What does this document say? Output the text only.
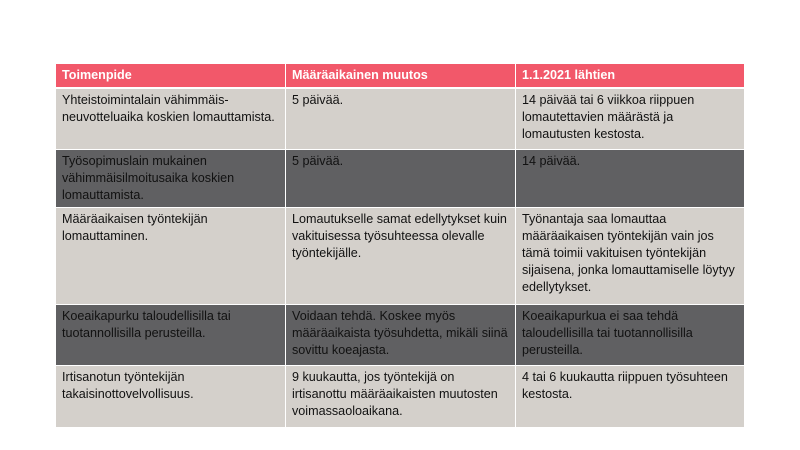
Toimenpide	Määräaikainen muutos	1.1.2021 lähtien
Yhteistoimintalain vähimmäis-neuvotteluaika koskien lomauttamista.	5 päivää.	14 päivää tai 6 viikkoa riippuen lomautettavien määrästä ja lomautusten kestosta.
Työsopimuslain mukainen vähimmäisilmoitusaika koskien lomauttamista.	5 päivää.	14 päivää.
Määräaikaisen työntekijän lomauttaminen.	Lomautukselle samat edellytykset kuin vakituisessa työsuhteessa olevalle työntekijälle.	Työnantaja saa lomauttaa määräaikaisen työntekijän vain jos tämä toimii vakituisen työntekijän sijaisena, jonka lomauttamiselle löytyy edellytykset.
Koeaikapurku taloudellisilla tai tuotannollisilla perusteilla.	Voidaan tehdä. Koskee myös määräaikaista työsuhdetta, mikäli siinä sovittu koeajasta.	Koeaikapurkua ei saa tehdä taloudellisilla tai tuotannollisilla perusteilla.
Irtisanotun työntekijän takaisinottovelvollisuus.	9 kuukautta, jos työntekijä on irtisanottu määräaikaisten muutosten voimassaoloaikana.	4 tai 6 kuukautta riippuen työsuhteen kestosta.
